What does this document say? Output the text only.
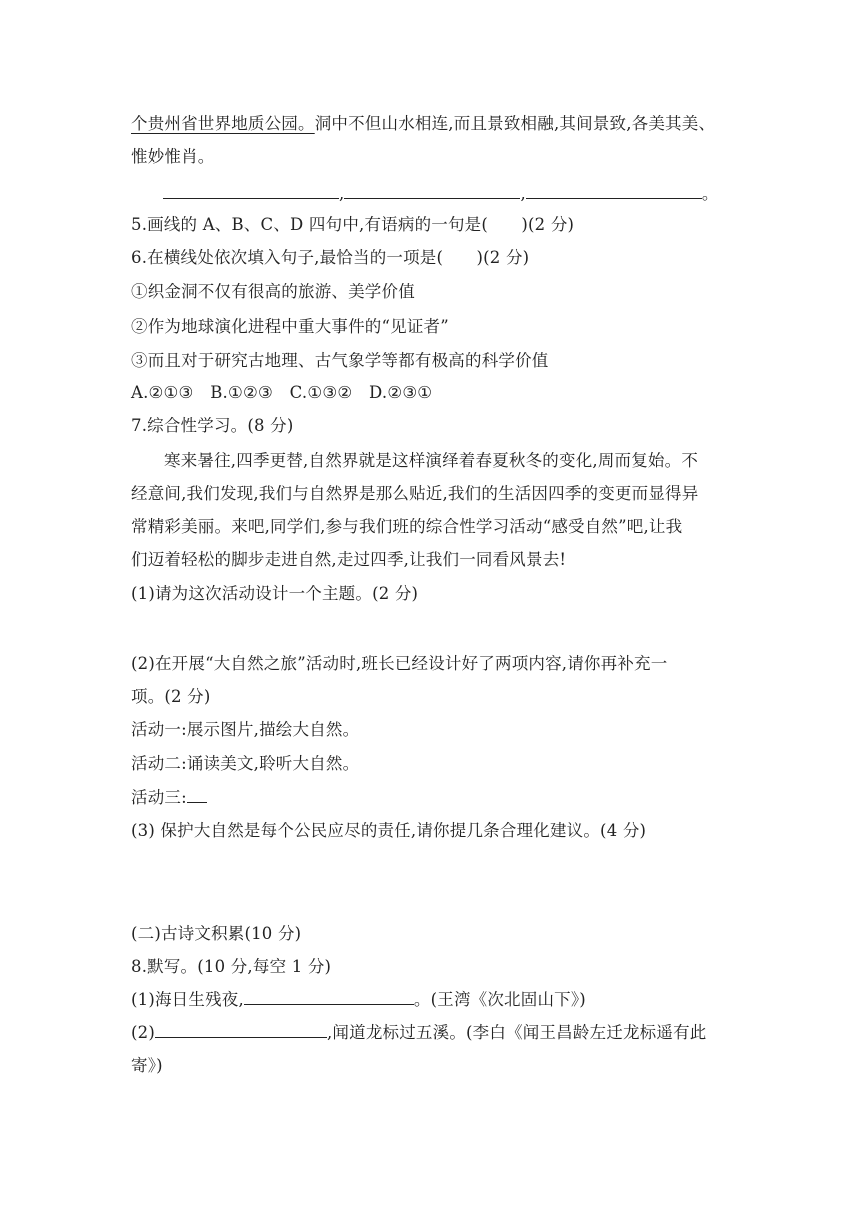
个贵州省世界地质公园。洞中不但山水相连,而且景致相融,其间景致,各美其美、
惟妙惟肖。
,	,	。
5.画线的 A、B、C、D 四句中,有语病的一句是(　　)(2 分)
6.在横线处依次填入句子,最恰当的一项是(　　)(2 分)
①织金洞不仅有很高的旅游、美学价值
②作为地球演化进程中重大事件的“见证者”
③而且对于研究古地理、古气象学等都有极高的科学价值
A.②①③　B.①②③　C.①③②　D.②③①
7.综合性学习。(8 分)
寒来暑往,四季更替,自然界就是这样演绎着春夏秋冬的变化,周而复始。不
经意间,我们发现,我们与自然界是那么贴近,我们的生活因四季的变更而显得异
常精彩美丽。来吧,同学们,参与我们班的综合性学习活动“感受自然”吧,让我
们迈着轻松的脚步走进自然,走过四季,让我们一同看风景去!
(1)请为这次活动设计一个主题。(2 分)
(2)在开展“大自然之旅”活动时,班长已经设计好了两项内容,请你再补充一
项。(2 分)
活动一:展示图片,描绘大自然。
活动二:诵读美文,聆听大自然。
活动三:
(3) 保护大自然是每个公民应尽的责任,请你提几条合理化建议。(4 分)
(二)古诗文积累(10 分)
8.默写。(10 分,每空 1 分)
(1)海日生残夜,	。(王湾《次北固山下》)
(2)	,闻道龙标过五溪。(李白《闻王昌龄左迁龙标遥有此
寄》)
